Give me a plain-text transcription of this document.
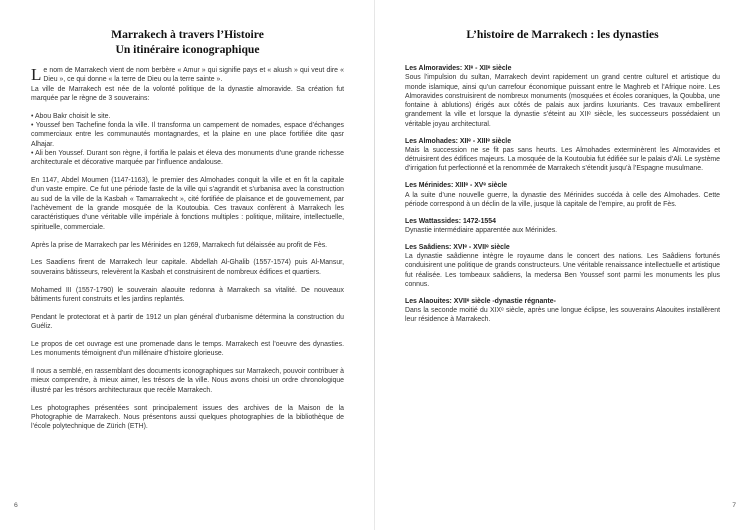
Marrakech à travers l’Histoire
Un itinéraire iconographique

Le nom de Marrakech vient de nom berbère « Amur » qui signifie pays et « akush » qui veut dire « Dieu », ce qui donne « la terre de Dieu ou la terre sainte ».

La ville de Marrakech est née de la volonté politique de la dynastie almoravide. Sa création fut marquée par le règne de 3 souverains:

• Abou Bakr choisit le site.
• Youssef ben Tachefine fonda la ville. Il transforma un campement de nomades, espace d’échanges commerciaux entre les communautés montagnardes, et la plaine en une place fortifiée dite qasr Alhajar.
• Ali ben Youssef. Durant son règne, il fortifia le palais et éleva des monuments d’une grande richesse architecturale et décorative marquée par l’influence andalouse.

En 1147, Abdel Moumen (1147-1163), le premier des Almohades conquit la ville et en fit la capitale d’un vaste empire. Ce fut une période faste de la ville qui s’agrandit et s’urbanisa avec la construction au sud de la ville de la Kasbah « Tamarrakecht », cité fortifiée de plaisance et de gouvernement, par l’achèvement de la grande mosquée de la Koutoubia. Ces travaux confèrent à Marrakech les caractéristiques d’une véritable ville impériale à fonctions multiples : politique, militaire, intellectuelle, spirituelle, commerciale.

Après la prise de Marrakech par les Mérinides en 1269, Marrakech fut délaissée au profit de Fès.

Les Saadiens firent de Marrakech leur capitale. Abdellah Al-Ghalib (1557-1574) puis Al-Mansur, souverains bâtisseurs, relevèrent la Kasbah et construisirent de nombreux édifices et quartiers.

Mohamed III (1557-1790) le souverain alaouite redonna à Marrakech sa vitalité. De nouveaux bâtiments furent construits et les jardins replantés.

Pendant le protectorat et à partir de 1912 un plan général d’urbanisme détermina la construction du Guéliz.

Le propos de cet ouvrage est une promenade dans le temps. Marrakech est l’oeuvre des dynasties. Les monuments témoignent d’un millénaire d’histoire glorieuse.

Il nous a semblé, en rassemblant des documents iconographiques sur Marrakech, pouvoir contribuer à mieux comprendre, à mieux aimer, les trésors de la ville. Nous avons choisi un ordre chronologique illustré par les trésors architecturaux que recèle Marrakech.

Les photographes présentées sont principalement issues des archives de la Maison de la Photographie de Marrakech. Nous présentons aussi quelques photographies de la bibliothèque de l’école polytechnique de Zürich (ETH).

6
L’histoire de Marrakech : les dynasties
Les Almoravides: XIᵉ - XIIᵉ siècle

Sous l’impulsion du sultan, Marrakech devint rapidement un grand centre culturel et artistique du monde islamique, ainsi qu’un carrefour économique puissant entre le Maghreb et l’Afrique noire. Les Almoravides construisirent de nombreux monuments (mosquées et écoles coraniques, la Qoubba, une fontaine à ablutions) érigés aux côtés de palais aux jardins luxuriants. Ces travaux embellirent grandement la ville et lorsque la dynastie s’éteint au XIIᵉ siècle, les successeurs possédaient un véritable joyau architectural.

Les Almohades: XIIᵉ - XIIIᵉ siècle

Mais la succession ne se fit pas sans heurts. Les Almohades exterminèrent les Almoravides et détruisirent des édifices majeurs. La mosquée de la Koutoubia fut édifiée sur le palais d’Ali. Le système d’irrigation fut perfectionné et la renommée de Marrakech s’étendit jusqu’à l’Espagne musulmane.

Les Mérinides: XIIIᵉ - XVᵉ siècle

A la suite d’une nouvelle guerre, la dynastie des Mérinides succéda à celle des Almohades. Cette période correspond à un déclin de la ville, jusque là capitale de l’empire, au profit de Fès.

Les Wattassides: 1472-1554

Dynastie intermédiaire apparentée aux Mérinides.

Les Saâdiens: XVIᵉ - XVIIᵉ siècle

La dynastie saâdienne intègre le royaume dans le concert des nations. Les Saâdiens fortunés conduisirent une politique de grands constructeurs. Une véritable renaissance intellectuelle et artistique fut réalisée. Les tombeaux saâdiens, la medersa Ben Youssef sont parmi les monuments les plus connus.

Les Alaouites: XVIIᵉ siècle -dynastie régnante-

Dans la seconde moitié du XIXᵉ siècle, après une longue éclipse, les souverains Alaouites installèrent leur résidence à Marrakech.

7
